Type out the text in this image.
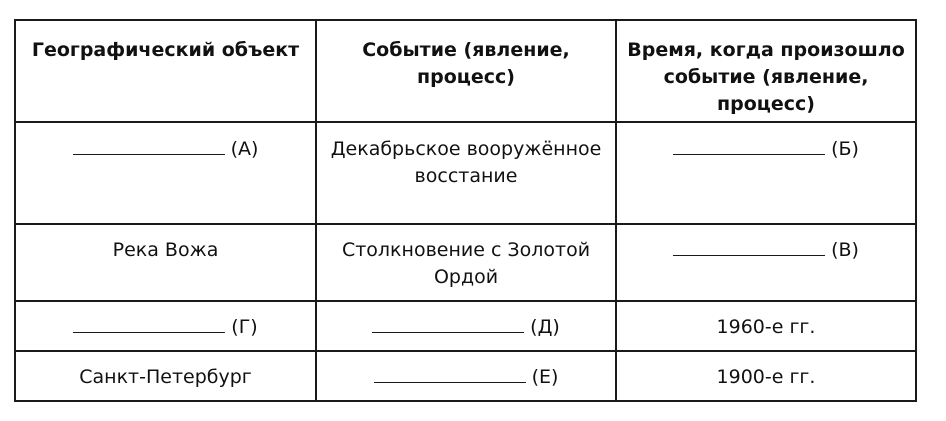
Географический объект	Событие (явление, процесс)	Время, когда произошло событие (явление, процесс)
(А)	Декабрьское вооружённое восстание	(Б)
Река Вожа	Столкновение с Золотой Ордой	(В)
(Г)	(Д)	1960-е гг.
Санкт-Петербург	(Е)	1900-е гг.
